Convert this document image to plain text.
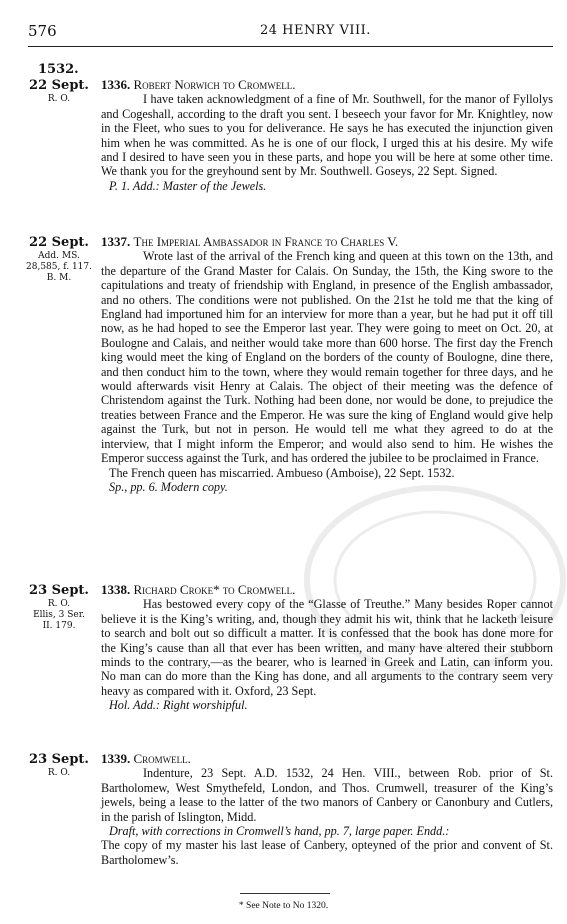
576	24 HENRY VIII.
1532.
22 Sept.
R. O.
1336. Robert Norwich to Cromwell.

I have taken acknowledgment of a fine of Mr. Southwell, for the manor of Fyllolys and Cogeshall, according to the draft you sent. I beseech your favor for Mr. Knightley, now in the Fleet, who sues to you for deliverance. He says he has executed the injunction given him when he was committed. As he is one of our flock, I urged this at his desire. My wife and I desired to have seen you in these parts, and hope you will be here at some other time. We thank you for the greyhound sent by Mr. Southwell. Goseys, 22 Sept. Signed.

P. 1. Add.: Master of the Jewels.

22 Sept.
Add. MS.
28,585, f. 117.
B. M.
1337. The Imperial Ambassador in France to Charles V.

Wrote last of the arrival of the French king and queen at this town on the 13th, and the departure of the Grand Master for Calais. On Sunday, the 15th, the King swore to the capitulations and treaty of friendship with England, in presence of the English ambassador, and no others. The conditions were not published. On the 21st he told me that the king of England had importuned him for an interview for more than a year, but he had put it off till now, as he had hoped to see the Emperor last year. They were going to meet on Oct. 20, at Boulogne and Calais, and neither would take more than 600 horse. The first day the French king would meet the king of England on the borders of the county of Boulogne, dine there, and then conduct him to the town, where they would remain together for three days, and he would afterwards visit Henry at Calais. The object of their meeting was the defence of Christendom against the Turk. Nothing had been done, nor would be done, to prejudice the treaties between France and the Emperor. He was sure the king of England would give help against the Turk, but not in person. He would tell me what they agreed to do at the interview, that I might inform the Emperor; and would also send to him. He wishes the Emperor success against the Turk, and has ordered the jubilee to be proclaimed in France.

The French queen has miscarried. Ambueso (Amboise), 22 Sept. 1532.

Sp., pp. 6. Modern copy.

23 Sept.
R. O.
Ellis, 3 Ser.
II. 179.
1338. Richard Croke* to Cromwell.

Has bestowed every copy of the “Glasse of Treuthe.” Many besides Roper cannot believe it is the King’s writing, and, though they admit his wit, think that he lacketh leisure to search and bolt out so difficult a matter. It is confessed that the book has done more for the King’s cause than all that ever has been written, and many have altered their stubborn minds to the contrary,—as the bearer, who is learned in Greek and Latin, can inform you. No man can do more than the King has done, and all arguments to the contrary seem very heavy as compared with it. Oxford, 23 Sept.

Hol. Add.: Right worshipful.

23 Sept.
R. O.
1339. Cromwell.

Indenture, 23 Sept. A.D. 1532, 24 Hen. VIII., between Rob. prior of St. Bartholomew, West Smythefeld, London, and Thos. Crumwell, treasurer of the King’s jewels, being a lease to the latter of the two manors of Canbery or Canonbury and Cutlers, in the parish of Islington, Midd.

Draft, with corrections in Cromwell’s hand, pp. 7, large paper. Endd.:

The copy of my master his last lease of Canbery, opteyned of the prior and convent of St. Bartholomew’s.

* See Note to No 1320.
